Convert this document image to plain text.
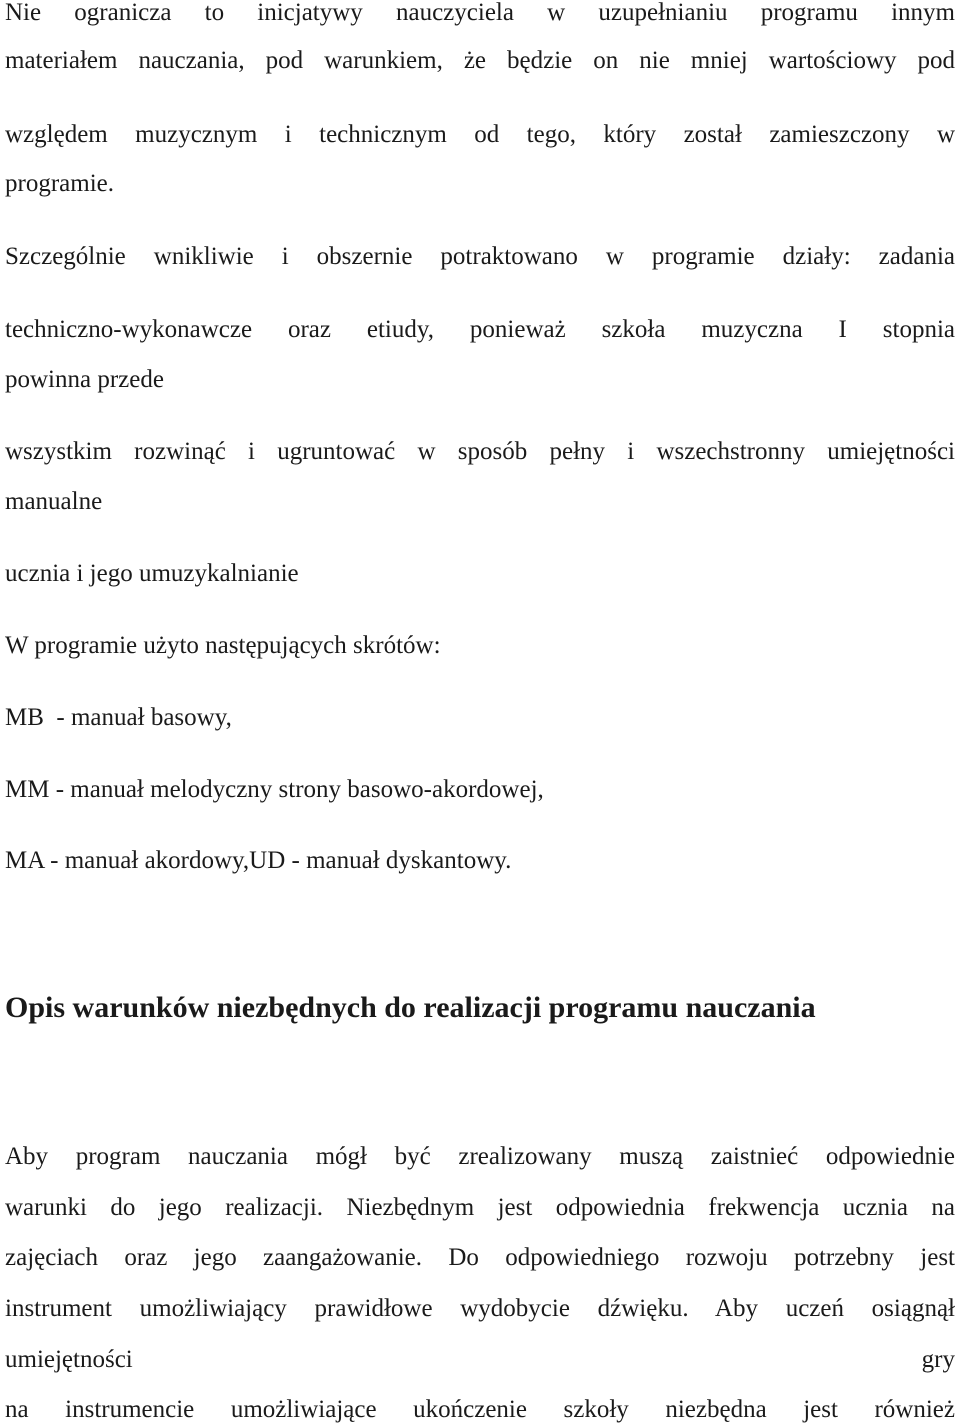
Nie ogranicza to inicjatywy nauczyciela w uzupełnianiu programu innym
materiałem nauczania, pod warunkiem, że będzie on nie mniej wartościowy pod
względem muzycznym i technicznym od tego, który został zamieszczony w
programie.
Szczególnie wnikliwie i obszernie potraktowano w programie działy: zadania
techniczno-wykonawcze oraz etiudy, ponieważ szkoła muzyczna I stopnia
powinna przede
wszystkim rozwinąć i ugruntować w sposób pełny i wszechstronny umiejętności
manualne
ucznia i jego umuzykalnianie
W programie użyto następujących skrótów:
MB  - manuał basowy,
MM - manuał melodyczny strony basowo-akordowej,
MA - manuał akordowy,UD - manuał dyskantowy.
Opis warunków niezbędnych do realizacji programu nauczania
Aby program nauczania mógł być zrealizowany muszą zaistnieć odpowiednie
warunki do jego realizacji. Niezbędnym jest odpowiednia frekwencja ucznia na
zajęciach oraz jego zaangażowanie. Do odpowiedniego rozwoju potrzebny jest
instrument umożliwiający prawidłowe wydobycie dźwięku. Aby uczeń osiągnął
umiejętności gry
na instrumencie umożliwiające ukończenie szkoły niezbędna jest również
